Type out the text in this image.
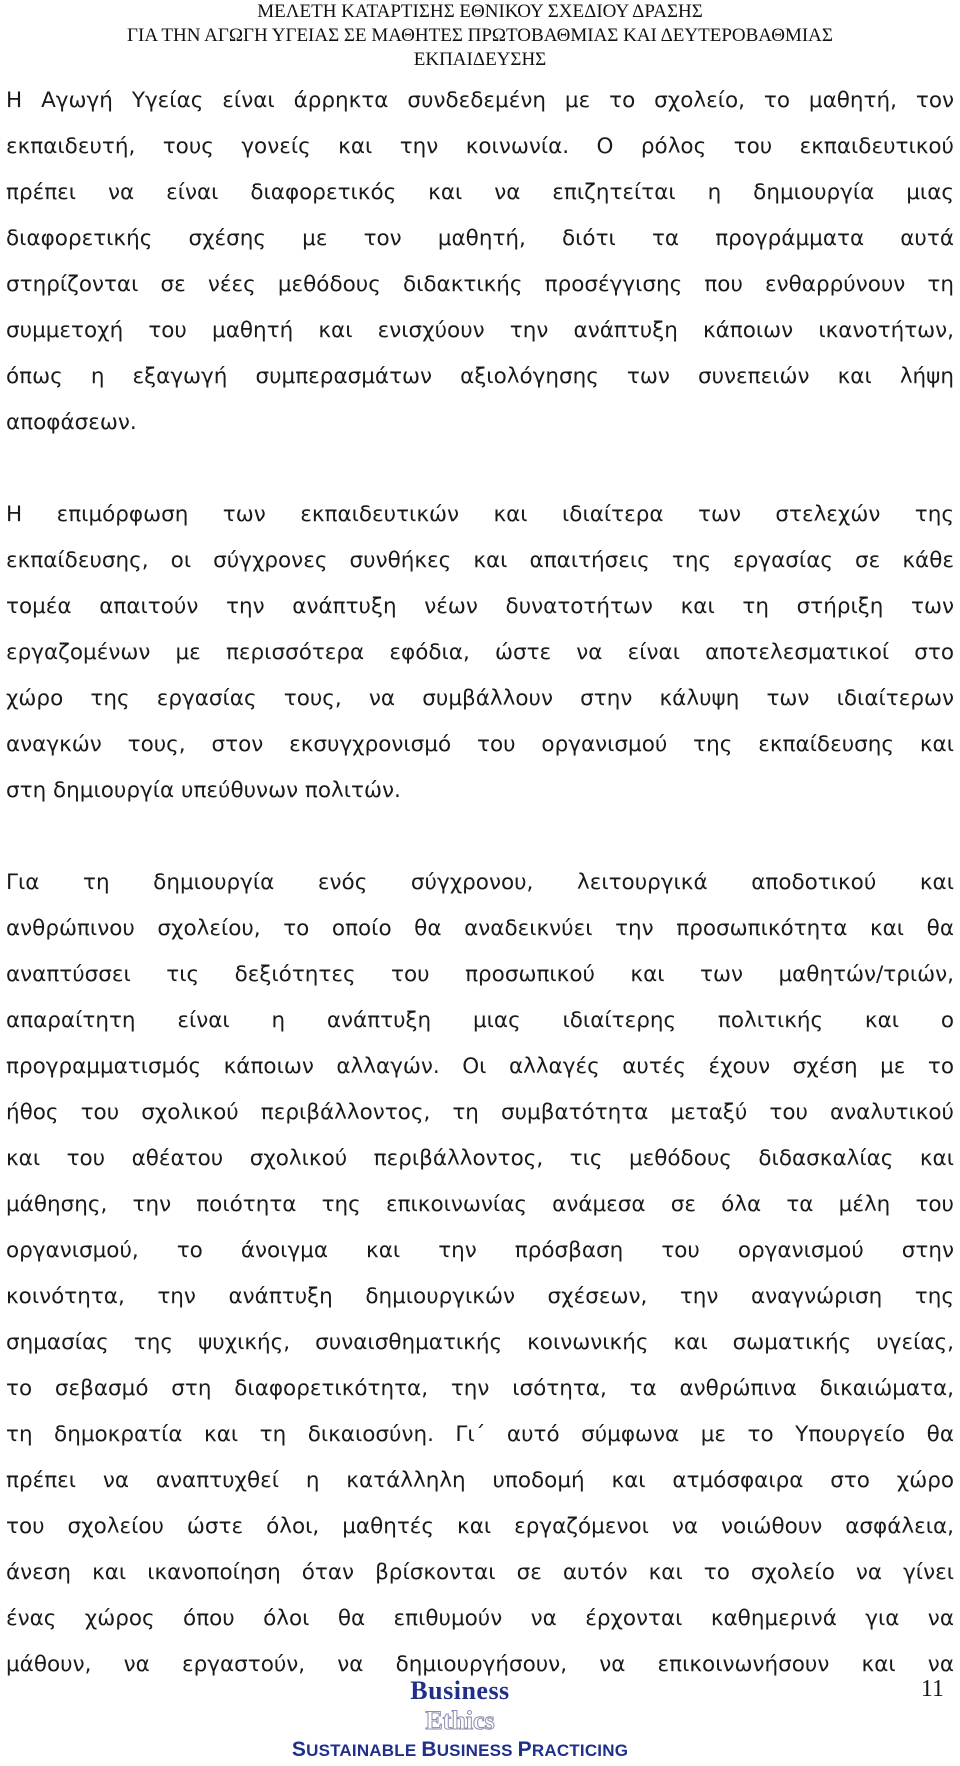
ΜΕΛΕΤΗ ΚΑΤΑΡΤΙΣΗΣ ΕΘΝΙΚΟΥ ΣΧΕΔΙΟΥ ΔΡΑΣΗΣ
ΓΙΑ ΤΗΝ ΑΓΩΓΗ ΥΓΕΙΑΣ ΣΕ ΜΑΘΗΤΕΣ ΠΡΩΤΟΒΑΘΜΙΑΣ ΚΑΙ ΔΕΥΤΕΡΟΒΑΘΜΙΑΣ
ΕΚΠΑΙΔΕΥΣΗΣ
Η Αγωγή Υγείας είναι άρρηκτα συνδεδεμένη με το σχολείο, το μαθητή, τον
εκπαιδευτή, τους γονείς και την κοινωνία. Ο ρόλος του εκπαιδευτικού
πρέπει να είναι διαφορετικός και να επιζητείται η δημιουργία μιας
διαφορετικής σχέσης με τον μαθητή, διότι τα προγράμματα αυτά
στηρίζονται σε νέες μεθόδους διδακτικής προσέγγισης που ενθαρρύνουν τη
συμμετοχή του μαθητή και ενισχύουν την ανάπτυξη κάποιων ικανοτήτων,
όπως η εξαγωγή συμπερασμάτων αξιολόγησης των συνεπειών και λήψη
αποφάσεων.
Η επιμόρφωση των εκπαιδευτικών και ιδιαίτερα των στελεχών της
εκπαίδευσης, οι σύγχρονες συνθήκες και απαιτήσεις της εργασίας σε κάθε
τομέα απαιτούν την ανάπτυξη νέων δυνατοτήτων και τη στήριξη των
εργαζομένων με περισσότερα εφόδια, ώστε να είναι αποτελεσματικοί στο
χώρο της εργασίας τους, να συμβάλλουν στην κάλυψη των ιδιαίτερων
αναγκών τους, στον εκσυγχρονισμό του οργανισμού της εκπαίδευσης και
στη δημιουργία υπεύθυνων πολιτών.
Για τη δημιουργία ενός σύγχρονου, λειτουργικά αποδοτικού και
ανθρώπινου σχολείου, το οποίο θα αναδεικνύει την προσωπικότητα και θα
αναπτύσσει τις δεξιότητες του προσωπικού και των μαθητών/τριών,
απαραίτητη είναι η ανάπτυξη μιας ιδιαίτερης πολιτικής και ο
προγραμματισμός κάποιων αλλαγών. Οι αλλαγές αυτές έχουν σχέση με το
ήθος του σχολικού περιβάλλοντος, τη συμβατότητα μεταξύ του αναλυτικού
και του αθέατου σχολικού περιβάλλοντος, τις μεθόδους διδασκαλίας και
μάθησης, την ποιότητα της επικοινωνίας ανάμεσα σε όλα τα μέλη του
οργανισμού, το άνοιγμα και την πρόσβαση του οργανισμού στην
κοινότητα, την ανάπτυξη δημιουργικών σχέσεων, την αναγνώριση της
σημασίας της ψυχικής, συναισθηματικής κοινωνικής και σωματικής υγείας,
το σεβασμό στη διαφορετικότητα, την ισότητα, τα ανθρώπινα δικαιώματα,
τη δημοκρατία και τη δικαιοσύνη. Γι΄ αυτό σύμφωνα με το Υπουργείο θα
πρέπει να αναπτυχθεί η κατάλληλη υποδομή και ατμόσφαιρα στο χώρο
του σχολείου ώστε όλοι, μαθητές και εργαζόμενοι να νοιώθουν ασφάλεια,
άνεση και ικανοποίηση όταν βρίσκονται σε αυτόν και το σχολείο να γίνει
ένας χώρος όπου όλοι θα επιθυμούν να έρχονται καθημερινά για να
μάθουν, να εργαστούν, να δημιουργήσουν, να επικοινωνήσουν και να
Business
Ethics
SUSTAINABLE BUSINESS PRACTICING
11
